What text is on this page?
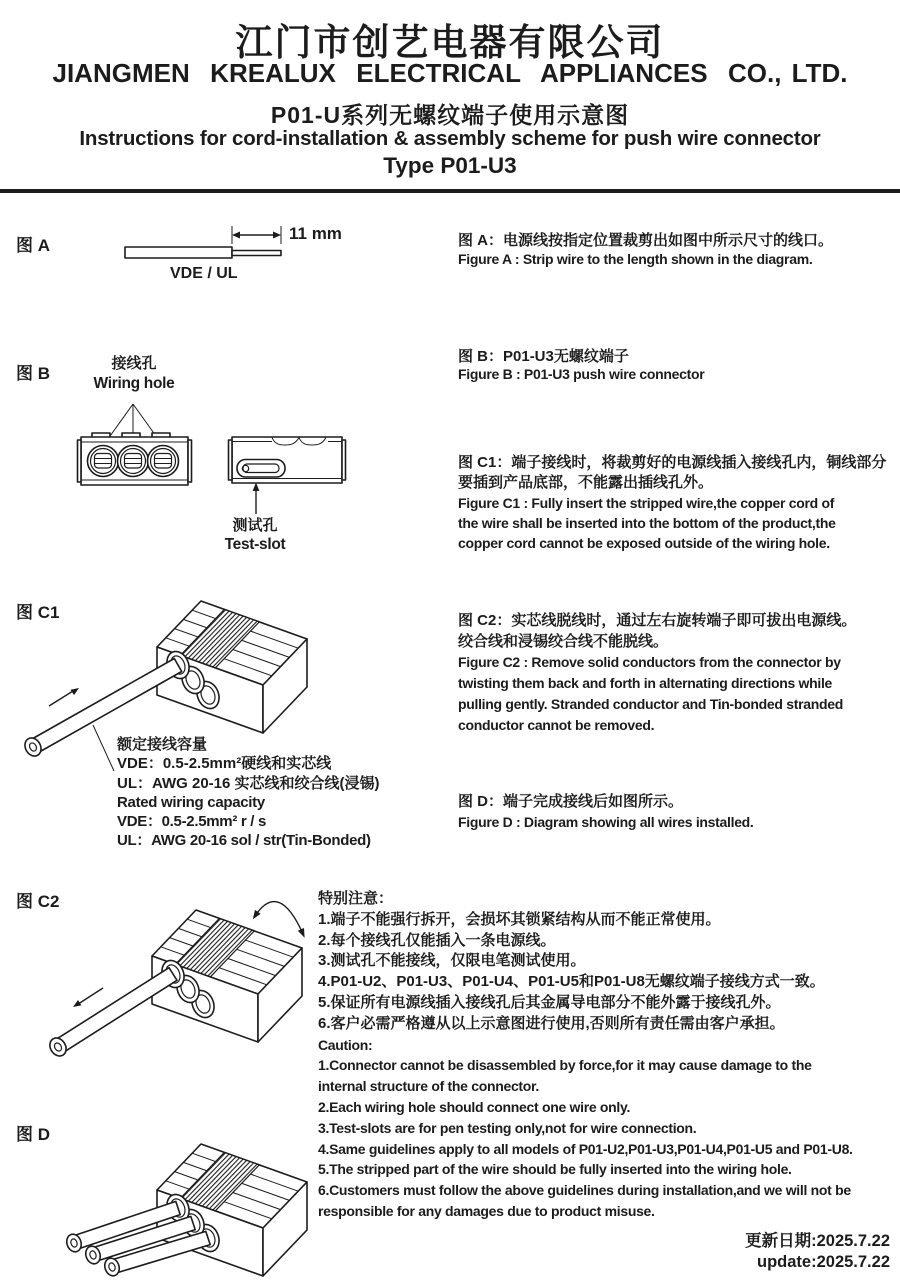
江门市创艺电器有限公司
JIANGMEN  KREALUX  ELECTRICAL  APPLIANCES  CO., LTD.
P01-U系列无螺纹端子使用示意图
Instructions for cord-installation & assembly scheme for push wire connector
Type P01-U3
图 A
图 B
图 C1
图 C2
图 D
11 mm
VDE / UL
接线孔
Wiring hole
测试孔
Test-slot
图 A：电源线按指定位置裁剪出如图中所示尺寸的线口。
Figure A : Strip wire to the length shown in the diagram.
图 B：P01-U3无螺纹端子
Figure B : P01-U3 push wire connector
图 C1：端子接线时，将裁剪好的电源线插入接线孔内，铜线部分
要插到产品底部，不能露出插线孔外。
Figure C1 : Fully insert the stripped wire,the copper cord of
the wire shall be inserted into the bottom of the product,the
copper cord cannot be exposed outside of the wiring hole.
图 C2：实芯线脱线时，通过左右旋转端子即可拔出电源线。
绞合线和浸锡绞合线不能脱线。
Figure C2 : Remove solid conductors from the connector by
twisting them back and forth in alternating directions while
pulling gently. Stranded conductor and Tin-bonded stranded
conductor cannot be removed.
图 D：端子完成接线后如图所示。
Figure D : Diagram showing all wires installed.
额定接线容量
VDE：0.5-2.5mm²硬线和实芯线
UL：AWG 20-16 实芯线和绞合线(浸锡)
Rated wiring capacity
VDE：0.5-2.5mm² r / s
UL：AWG 20-16 sol / str(Tin-Bonded)
特别注意：
1.端子不能强行拆开，会损坏其锁紧结构从而不能正常使用。
2.每个接线孔仅能插入一条电源线。
3.测试孔不能接线，仅限电笔测试使用。
4.P01-U2、P01-U3、P01-U4、P01-U5和P01-U8无螺纹端子接线方式一致。
5.保证所有电源线插入接线孔后其金属导电部分不能外露于接线孔外。
6.客户必需严格遵从以上示意图进行使用,否则所有责任需由客户承担。
Caution:
1.Connector cannot be disassembled by force,for it may cause damage to the
internal structure of the connector.
2.Each wiring hole should connect one wire only.
3.Test-slots are for pen testing only,not for wire connection.
4.Same guidelines apply to all models of P01-U2,P01-U3,P01-U4,P01-U5 and P01-U8.
5.The stripped part of the wire should be fully inserted into the wiring hole.
6.Customers must follow the above guidelines during installation,and we will not be
responsible for any damages due to product misuse.
更新日期:2025.7.22
update:2025.7.22
